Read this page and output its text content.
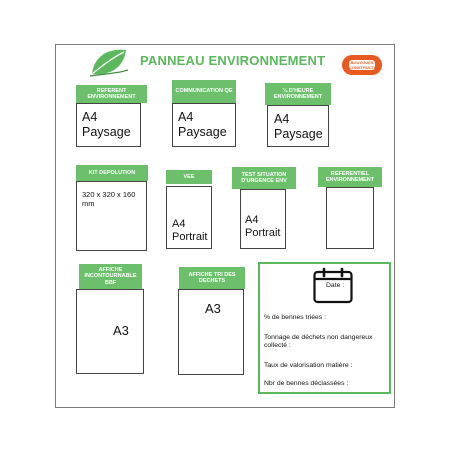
PANNEAU ENVIRONNEMENT	BOUYGUES CONSTRUCTION
REFERENT ENVIRONNEMENT
A4 Paysage
COMMUNICATION QE
A4 Paysage
¼ D'HEURE ENVIRONNEMENT
A4 Paysage
KIT DEPOLUTION
320 x 320 x 160 mm
VEE
A4 Portrait
TEST SITUATION D'URGENCE ENV
A4 Portrait
REFERENTIEL ENVIRONNEMENT
AFFICHE INCONTOURNABLE BBF
A3
AFFICHE TRI DES DECHETS
A3
Date :
% de bennes triées :
Tonnage de déchets non dangereux collecté :
Taux de valorisation matière :
Nbr de bennes déclassées :
